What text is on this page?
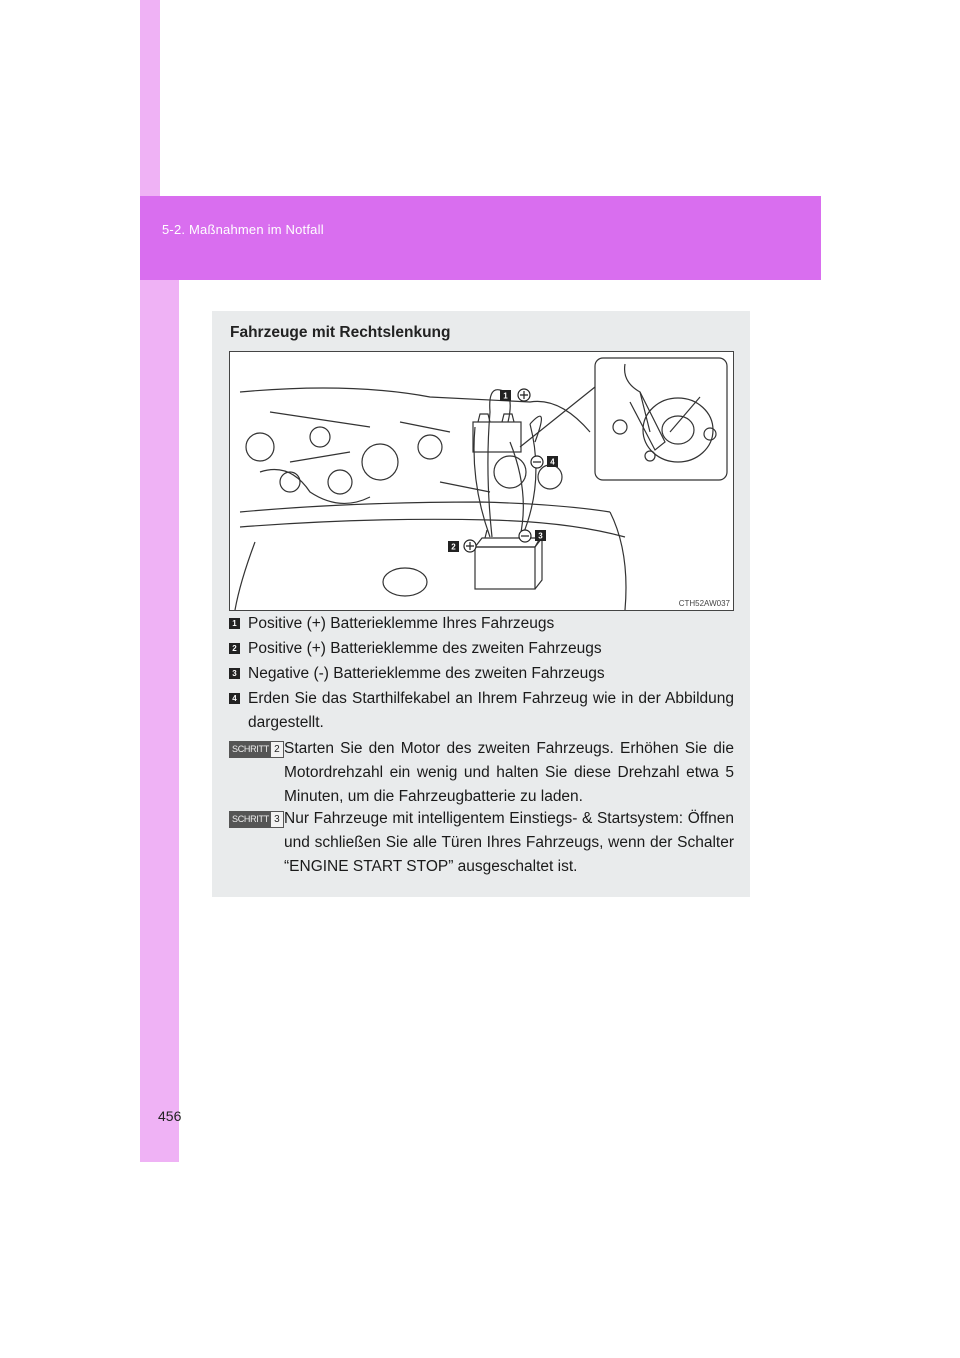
5-2. Maßnahmen im Notfall
Fahrzeuge mit Rechtslenkung
1
4
2
3
CTH52AW037
1 Positive (+) Batterieklemme Ihres Fahrzeugs
2 Positive (+) Batterieklemme des zweiten Fahrzeugs
3 Negative (-) Batterieklemme des zweiten Fahrzeugs
4 Erden Sie das Starthilfekabel an Ihrem Fahrzeug wie in der Abbildung dargestellt.
SCHRITT 2 Starten Sie den Motor des zweiten Fahrzeugs. Erhöhen Sie die Motordrehzahl ein wenig und halten Sie diese Drehzahl etwa 5 Minuten, um die Fahrzeugbatterie zu laden.
SCHRITT 3 Nur Fahrzeuge mit intelligentem Einstiegs- & Startsystem: Öffnen und schließen Sie alle Türen Ihres Fahrzeugs, wenn der Schalter “ENGINE START STOP” ausgeschaltet ist.
456
